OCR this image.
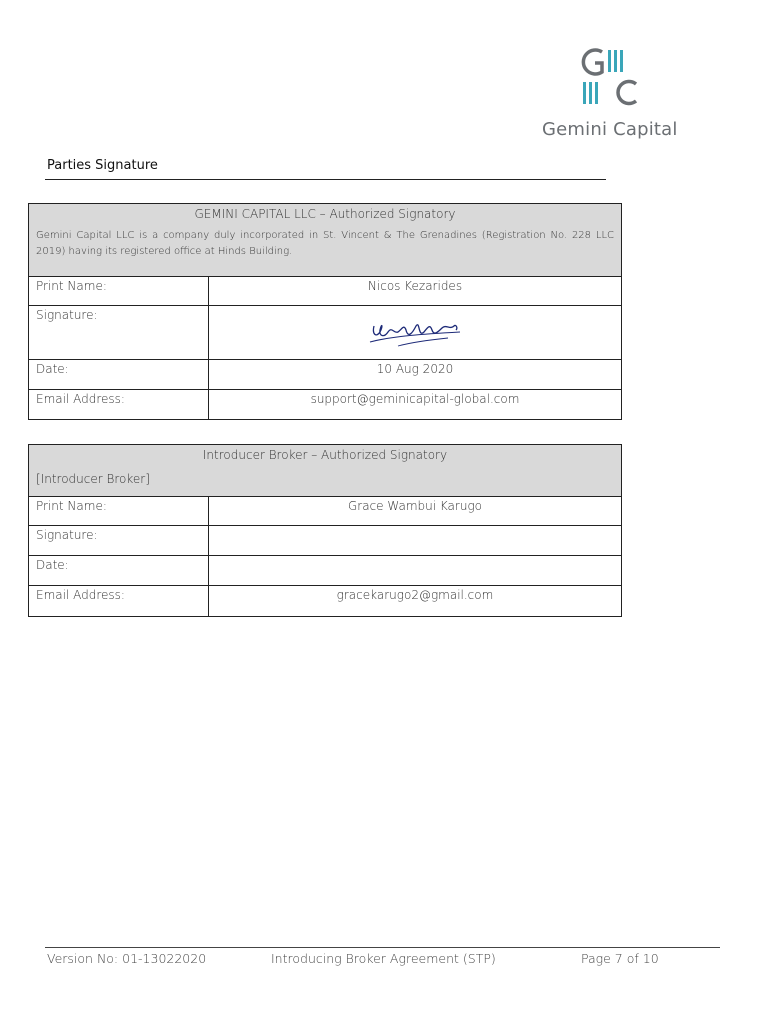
Gemini Capital
Parties Signature
GEMINI CAPITAL LLC – Authorized Signatory
Gemini Capital LLC is a company duly incorporated in St. Vincent & The Grenadines (Registration No. 228 LLC 2019) having its registered office at Hinds Building.	

Print Name:	Nicos Kezarides
Signature:	
Date:	10 Aug 2020
Email Address:	support@geminicapital-global.com
Introducer Broker – Authorized Signatory
[Introducer Broker]	

Print Name:	Grace Wambui Karugo
Signature:	
Date:	
Email Address:	gracekarugo2@gmail.com
Version No: 01-13022020	Introducing Broker Agreement (STP)	Page 7 of 10
